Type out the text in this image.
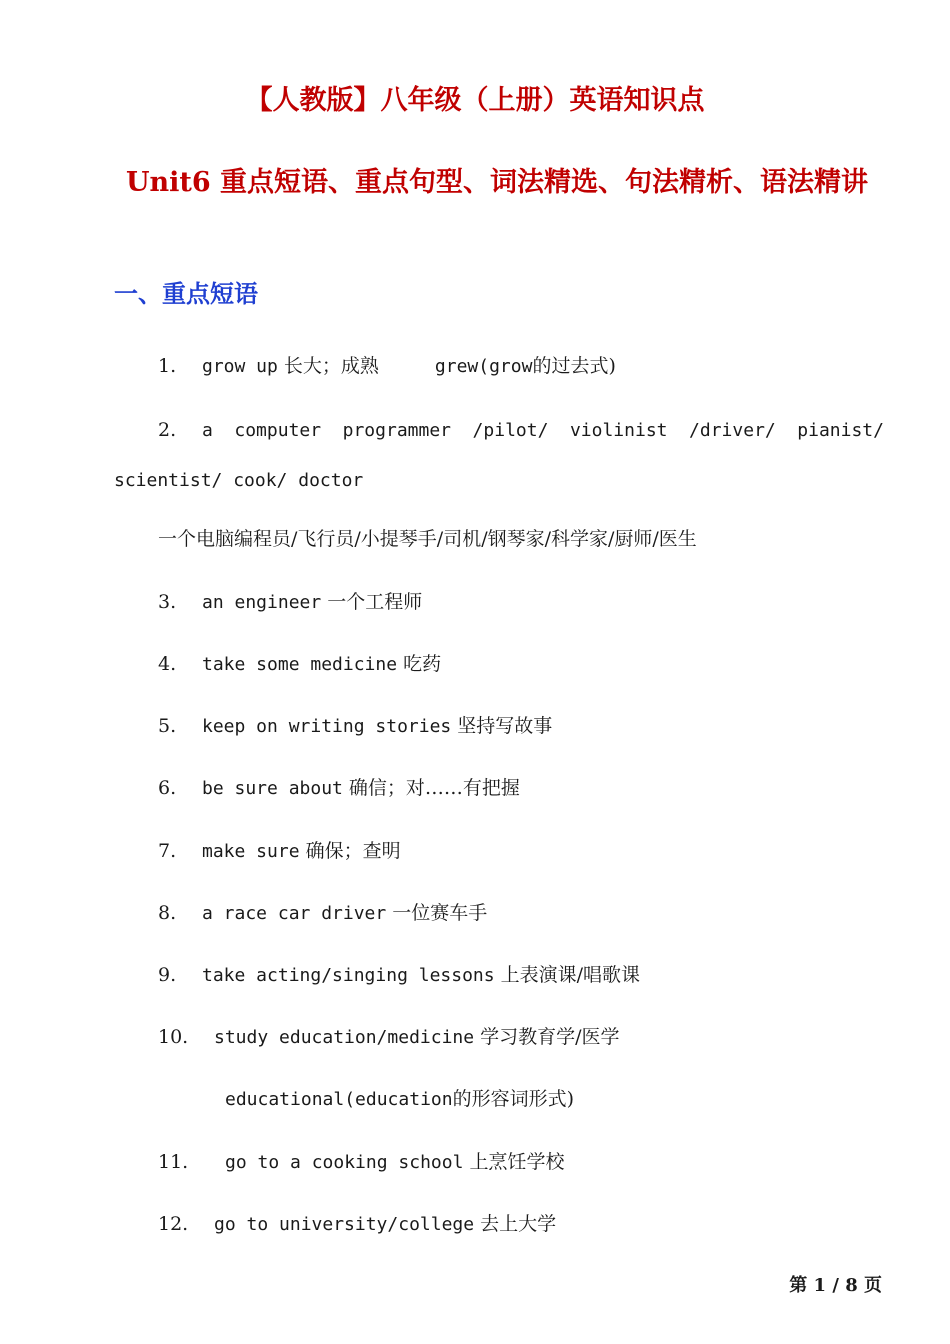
【人教版】八年级（上册）英语知识点
Unit6 重点短语、重点句型、词法精选、句法精析、语法精讲
一、重点短语
1. grow up 长大；成熟	grew(grow的过去式)
2. a computer programmer /pilot/ violinist /driver/ pianist/ scientist/ cook/ doctor
一个电脑编程员/飞行员/小提琴手/司机/钢琴家/科学家/厨师/医生
3. an engineer 一个工程师
4. take some medicine 吃药
5. keep on writing stories 坚持写故事
6. be sure about 确信；对……有把握
7. make sure 确保；查明
8. a race car driver 一位赛车手
9. take acting/singing lessons 上表演课/唱歌课
10. study education/medicine 学习教育学/医学
educational(education的形容词形式)
11. go to a cooking school 上烹饪学校
12. go to university/college 去上大学
第 1 / 8 页
